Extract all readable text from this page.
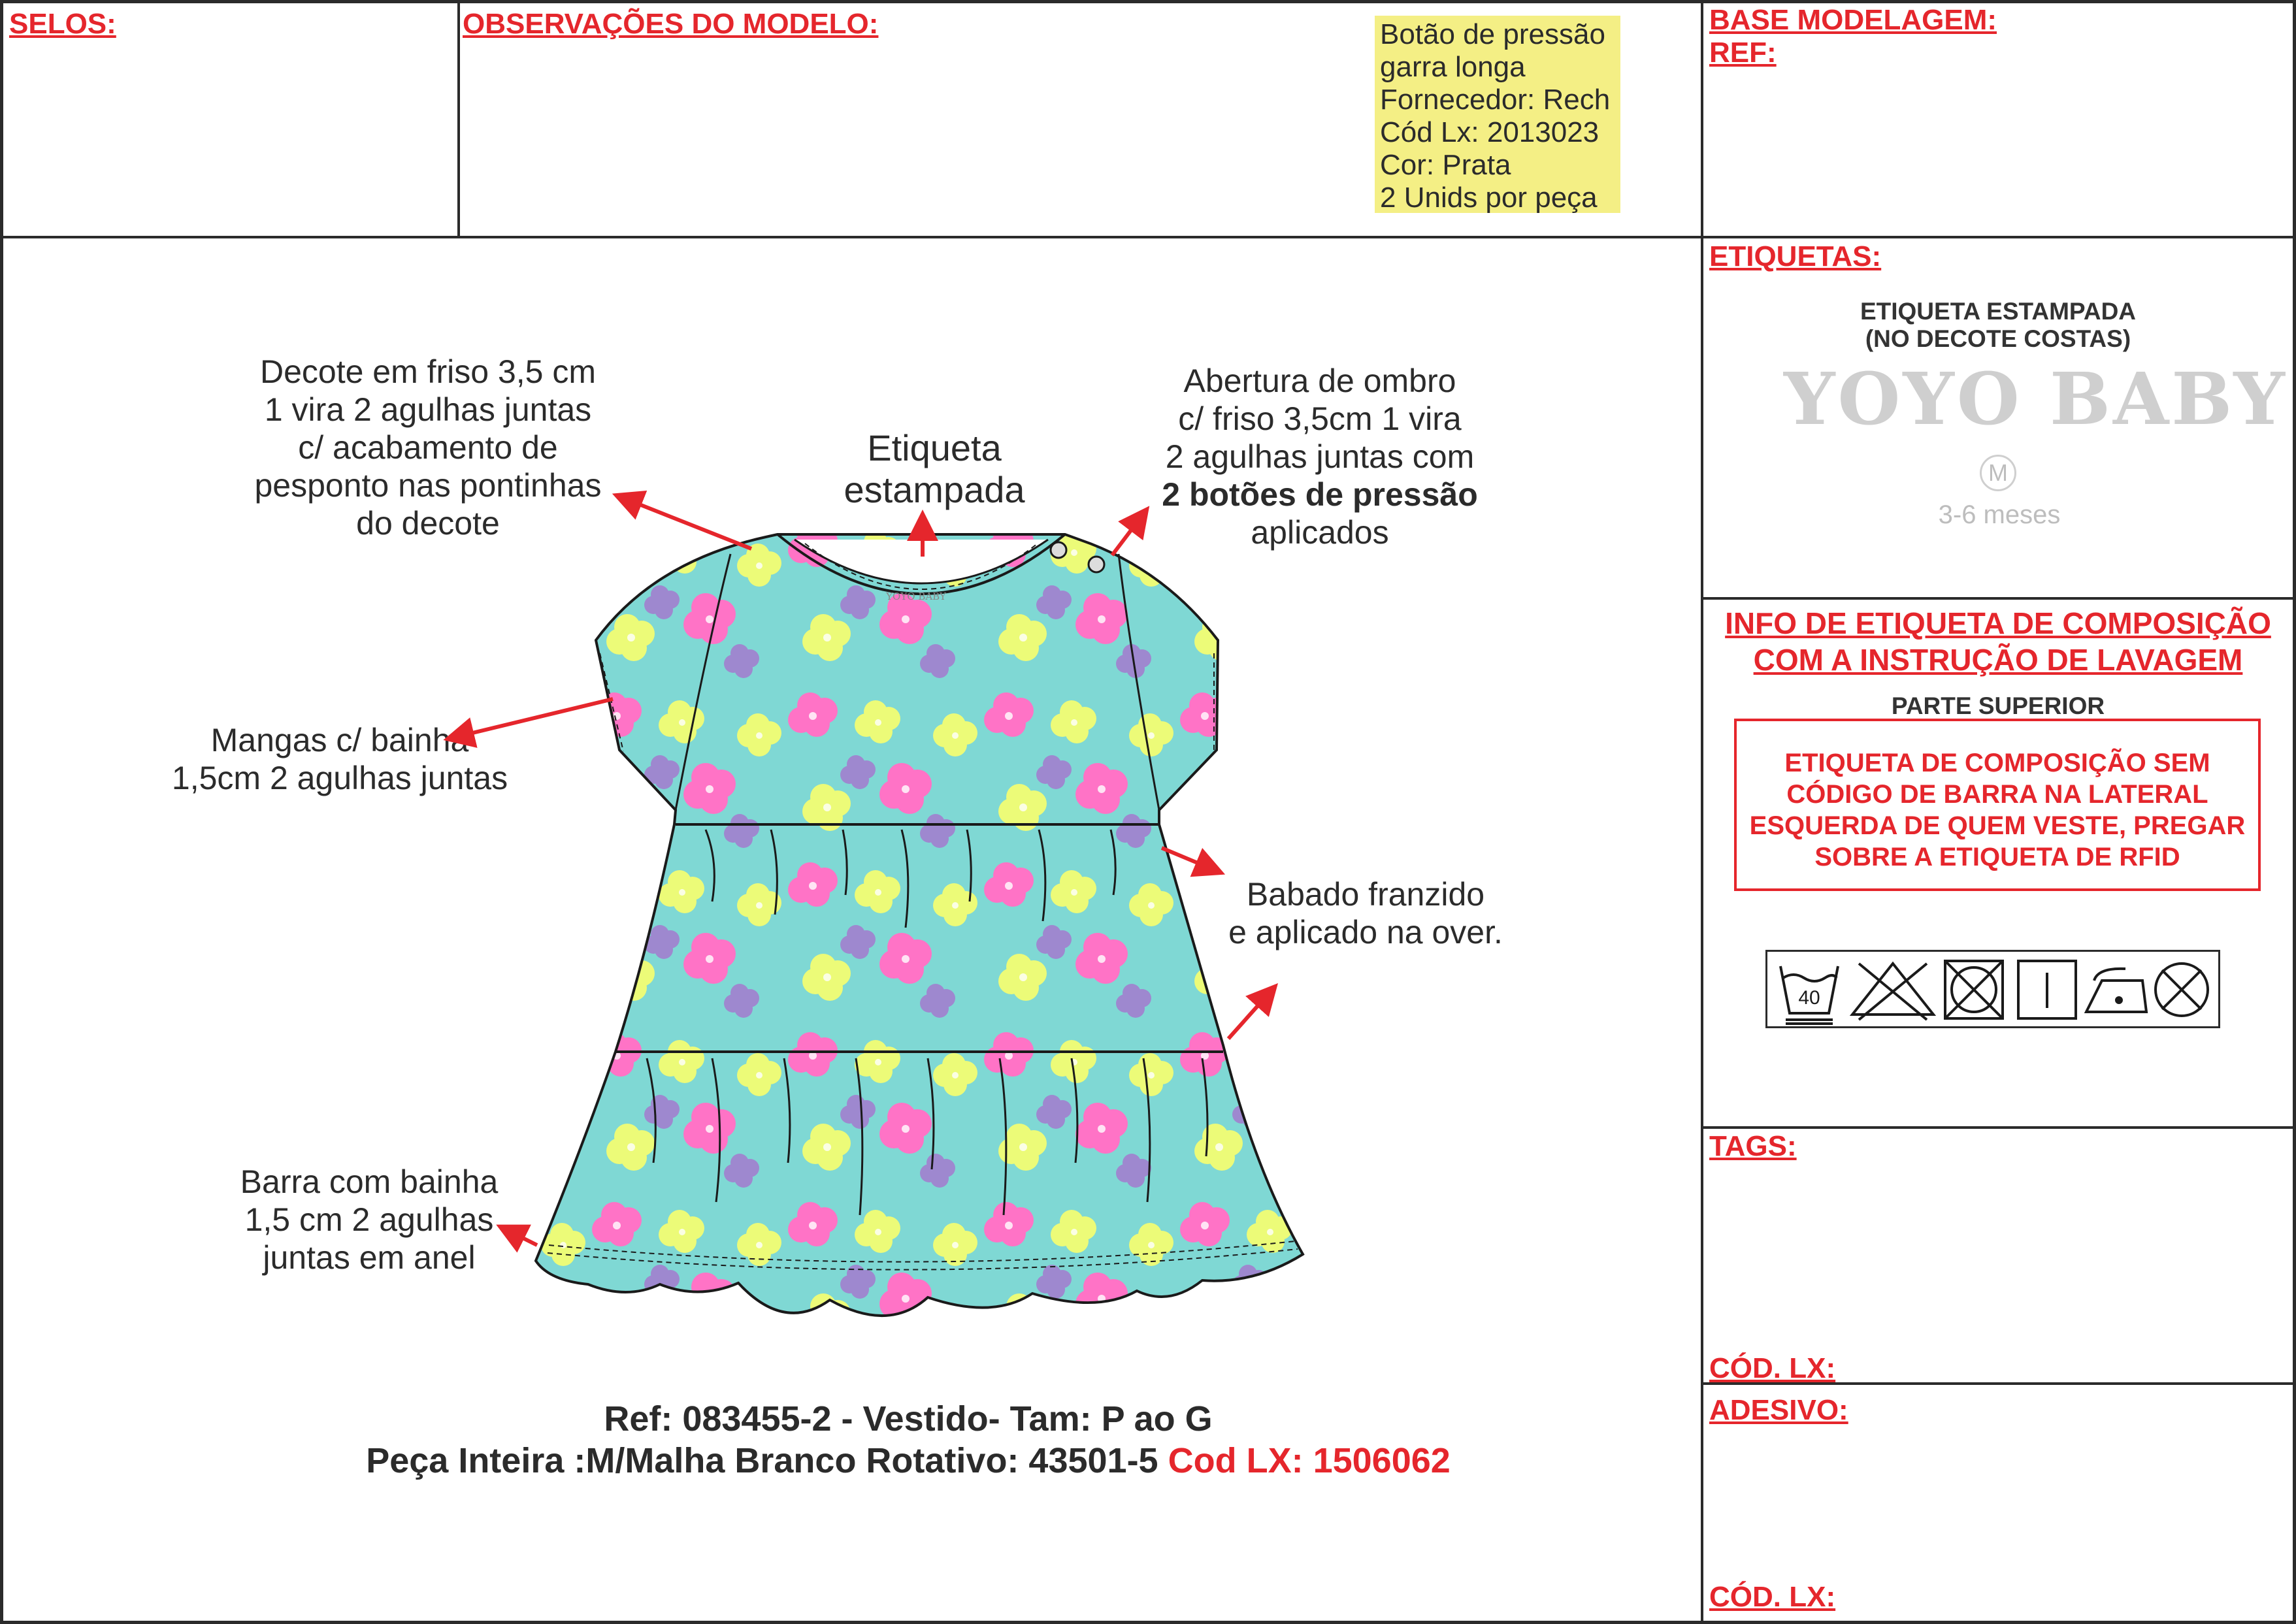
SELOS:	OBSERVAÇÕES DO MODELO:	BASE MODELAGEM:
REF:
Botão de pressão
garra longa
Fornecedor: Rech
Cód Lx: 2013023
Cor: Prata
2 Unids por peça
Decote em friso 3,5 cm
1 vira 2 agulhas juntas
c/ acabamento de
pesponto nas pontinhas
do decote
Etiqueta
estampada
Abertura de ombro
c/ friso 3,5cm 1 vira
2 agulhas juntas com
2 botões de pressão
aplicados
Mangas c/ bainha
1,5cm 2 agulhas juntas
Babado franzido
e aplicado na over.
Barra com bainha
1,5 cm 2 agulhas
juntas em anel
YOYO BABY
Ref: 083455-2 - Vestido- Tam: P ao G
Peça Inteira :M/Malha Branco Rotativo: 43501-5 Cod LX: 1506062
ETIQUETAS:
ETIQUETA ESTAMPADA
(NO DECOTE COSTAS)
YOYO BABY
M
3-6 meses
INFO DE ETIQUETA DE COMPOSIÇÃO
COM A INSTRUÇÃO DE LAVAGEM
PARTE SUPERIOR
ETIQUETA DE COMPOSIÇÃO SEM
CÓDIGO DE BARRA NA LATERAL
ESQUERDA DE QUEM VESTE, PREGAR
SOBRE A ETIQUETA DE RFID
40
TAGS:
CÓD. LX:
ADESIVO:
CÓD. LX:
